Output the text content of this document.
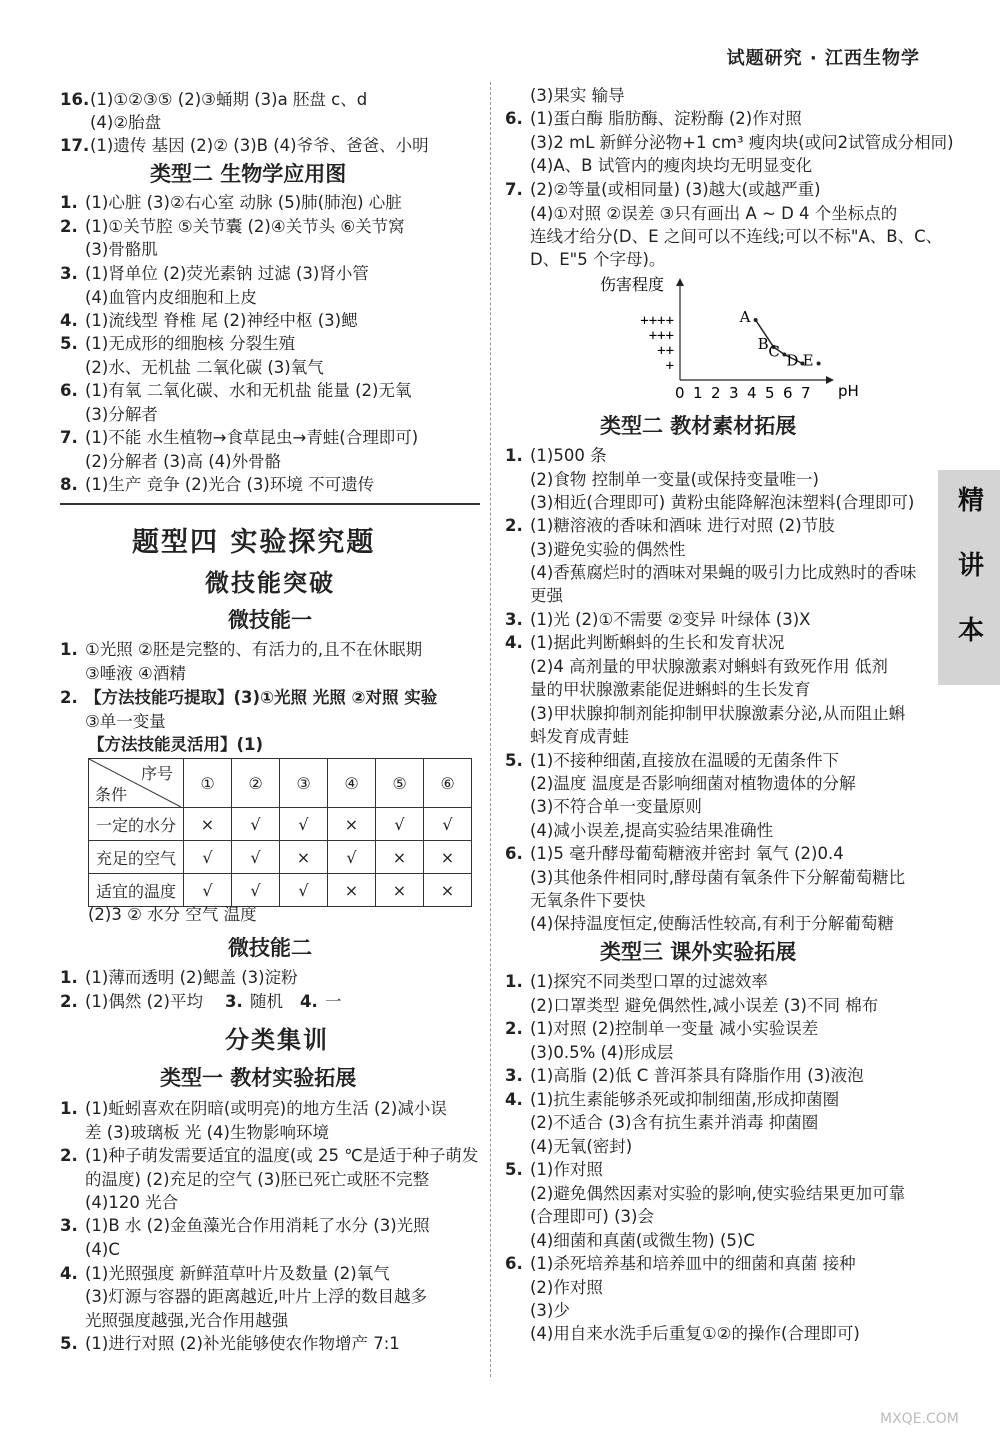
试题研究 · 江西生物学
精
讲
本
16. (1)①②③⑤ (2)③蛹期 (3)a 胚盘 c、d
(4)②胎盘
17. (1)遗传 基因 (2)② (3)B (4)爷爷、爸爸、小明
类型二 生物学应用图
1. (1)心脏 (3)②右心室 动脉 (5)肺(肺泡) 心脏
2. (1)①关节腔 ⑤关节囊 (2)④关节头 ⑥关节窝
(3)骨骼肌
3. (1)肾单位 (2)荧光素钠 过滤 (3)肾小管
(4)血管内皮细胞和上皮
4. (1)流线型 脊椎 尾 (2)神经中枢 (3)鳃
5. (1)无成形的细胞核 分裂生殖
(2)水、无机盐 二氧化碳 (3)氧气
6. (1)有氧 二氧化碳、水和无机盐 能量 (2)无氧
(3)分解者
7. (1)不能 水生植物→食草昆虫→青蛙(合理即可)
(2)分解者 (3)高 (4)外骨骼
8. (1)生产 竞争 (2)光合 (3)环境 不可遗传
题型四 实验探究题
微技能突破
微技能一
1. ①光照 ②胚是完整的、有活力的,且不在休眠期
③唾液 ④酒精
2. 【方法技能巧提取】(3)①光照 光照 ②对照 实验
③单一变量
【方法技能灵活用】(1)
序号
条件	①	②	③	④	⑤	⑥
一定的水分	×	√	√	×	√	√
充足的空气	√	√	×	√	×	×
适宜的温度	√	√	√	×	×	×
(2)3 ② 水分 空气 温度
微技能二
1. (1)薄而透明 (2)鳃盖 (3)淀粉
2. (1)偶然 (2)平均 3. 随机 4. 一
分类集训
类型一 教材实验拓展
1. (1)蚯蚓喜欢在阴暗(或明亮)的地方生活 (2)减小误
差 (3)玻璃板 光 (4)生物影响环境
2. (1)种子萌发需要适宜的温度(或 25 ℃是适于种子萌发
的温度) (2)充足的空气 (3)胚已死亡或胚不完整
(4)120 光合
3. (1)B 水 (2)金鱼藻光合作用消耗了水分 (3)光照
(4)C
4. (1)光照强度 新鲜菹草叶片及数量 (2)氧气
(3)灯源与容器的距离越近,叶片上浮的数目越多
光照强度越强,光合作用越强
5. (1)进行对照 (2)补光能够使农作物增产 7:1
(3)果实 输导
6. (1)蛋白酶 脂肪酶、淀粉酶 (2)作对照
(3)2 mL 新鲜分泌物+1 cm³ 瘦肉块(或问2试管成分相同)
(4)A、B 试管内的瘦肉块均无明显变化
7. (2)②等量(或相同量) (3)越大(或越严重)
(4)①对照 ②误差 ③只有画出 A ~ D 4 个坐标点的
连线才给分(D、E 之间可以不连线;可以不标"A、B、C、
D、E"5 个字母)。
伤害程度
pH
0 1 2 3 4 5 6 7
++++
+++
++
+
A
B C D E
类型二 教材素材拓展
1. (1)500 条
(2)食物 控制单一变量(或保持变量唯一)
(3)相近(合理即可) 黄粉虫能降解泡沫塑料(合理即可)
2. (1)糖溶液的香味和酒味 进行对照 (2)节肢
(3)避免实验的偶然性
(4)香蕉腐烂时的酒味对果蝇的吸引力比成熟时的香味
更强
3. (1)光 (2)①不需要 ②变异 叶绿体 (3)X
4. (1)据此判断蝌蚪的生长和发育状况
(2)4 高剂量的甲状腺激素对蝌蚪有致死作用 低剂
量的甲状腺激素能促进蝌蚪的生长发育
(3)甲状腺抑制剂能抑制甲状腺激素分泌,从而阻止蝌
蚪发育成青蛙
5. (1)不接种细菌,直接放在温暖的无菌条件下
(2)温度 温度是否影响细菌对植物遗体的分解
(3)不符合单一变量原则
(4)减小误差,提高实验结果准确性
6. (1)5 毫升酵母葡萄糖液并密封 氧气 (2)0.4
(3)其他条件相同时,酵母菌有氧条件下分解葡萄糖比
无氧条件下要快
(4)保持温度恒定,使酶活性较高,有利于分解葡萄糖
类型三 课外实验拓展
1. (1)探究不同类型口罩的过滤效率
(2)口罩类型 避免偶然性,减小误差 (3)不同 棉布
2. (1)对照 (2)控制单一变量 减小实验误差
(3)0.5% (4)形成层
3. (1)高脂 (2)低 C 普洱茶具有降脂作用 (3)液泡
4. (1)抗生素能够杀死或抑制细菌,形成抑菌圈
(2)不适合 (3)含有抗生素并消毒 抑菌圈
(4)无氧(密封)
5. (1)作对照
(2)避免偶然因素对实验的影响,使实验结果更加可靠
(合理即可) (3)会
(4)细菌和真菌(或微生物) (5)C
6. (1)杀死培养基和培养皿中的细菌和真菌 接种
(2)作对照
(3)少
(4)用自来水洗手后重复①②的操作(合理即可)
MXQE.COM
